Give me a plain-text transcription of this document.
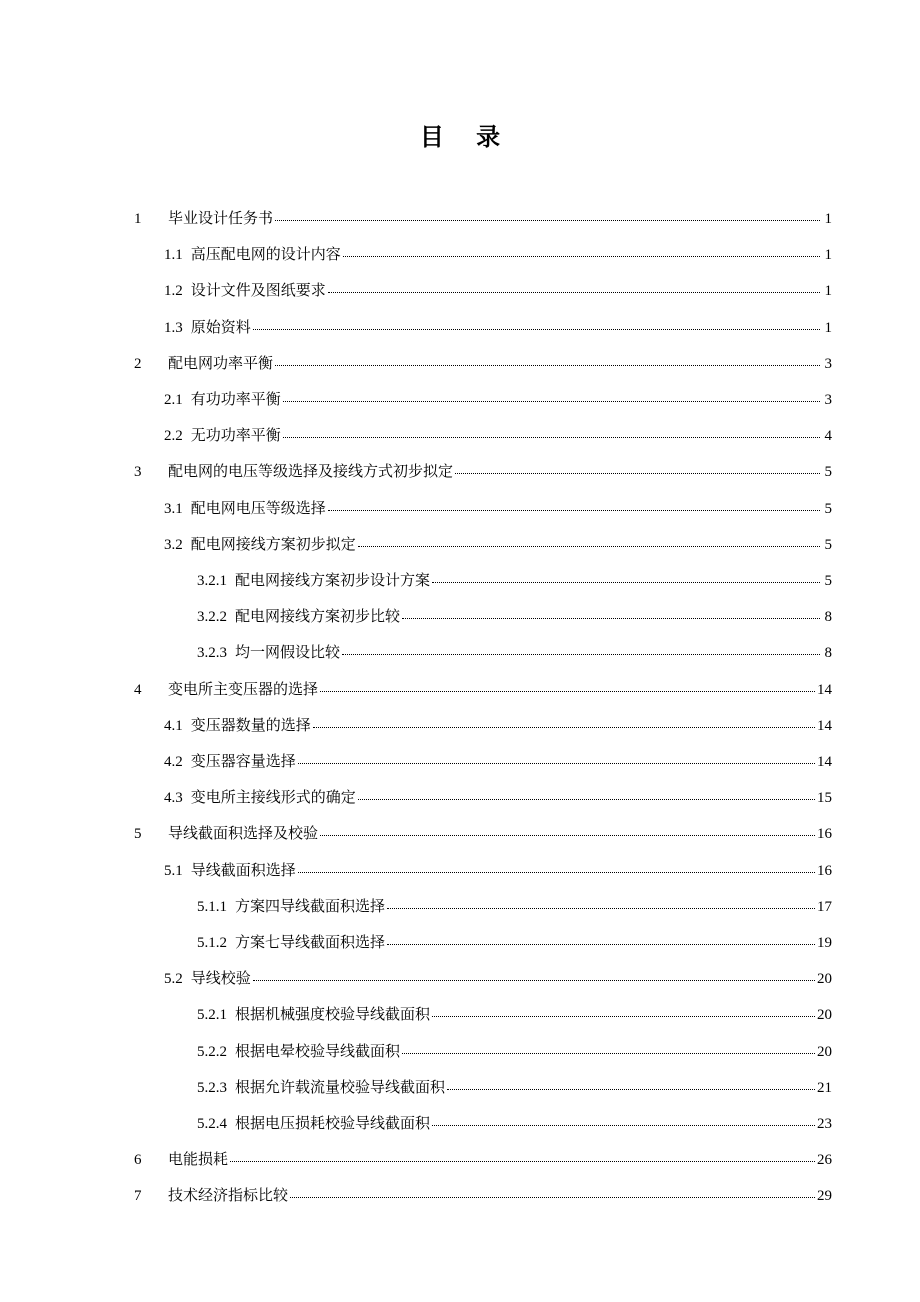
目 录
1	毕业设计任务书	1
1.1 高压配电网的设计内容	1
1.2 设计文件及图纸要求	1
1.3 原始资料	1
2	配电网功率平衡	3
2.1 有功功率平衡	3
2.2 无功功率平衡	4
3	配电网的电压等级选择及接线方式初步拟定	5
3.1 配电网电压等级选择	5
3.2 配电网接线方案初步拟定	5
3.2.1 配电网接线方案初步设计方案	5
3.2.2 配电网接线方案初步比较	8
3.2.3 均一网假设比较	8
4	变电所主变压器的选择	14
4.1 变压器数量的选择	14
4.2 变压器容量选择	14
4.3 变电所主接线形式的确定	15
5	导线截面积选择及校验	16
5.1 导线截面积选择	16
5.1.1 方案四导线截面积选择	17
5.1.2 方案七导线截面积选择	19
5.2 导线校验	20
5.2.1 根据机械强度校验导线截面积	20
5.2.2 根据电晕校验导线截面积	20
5.2.3 根据允许载流量校验导线截面积	21
5.2.4 根据电压损耗校验导线截面积	23
6	电能损耗	26
7	技术经济指标比较	29
